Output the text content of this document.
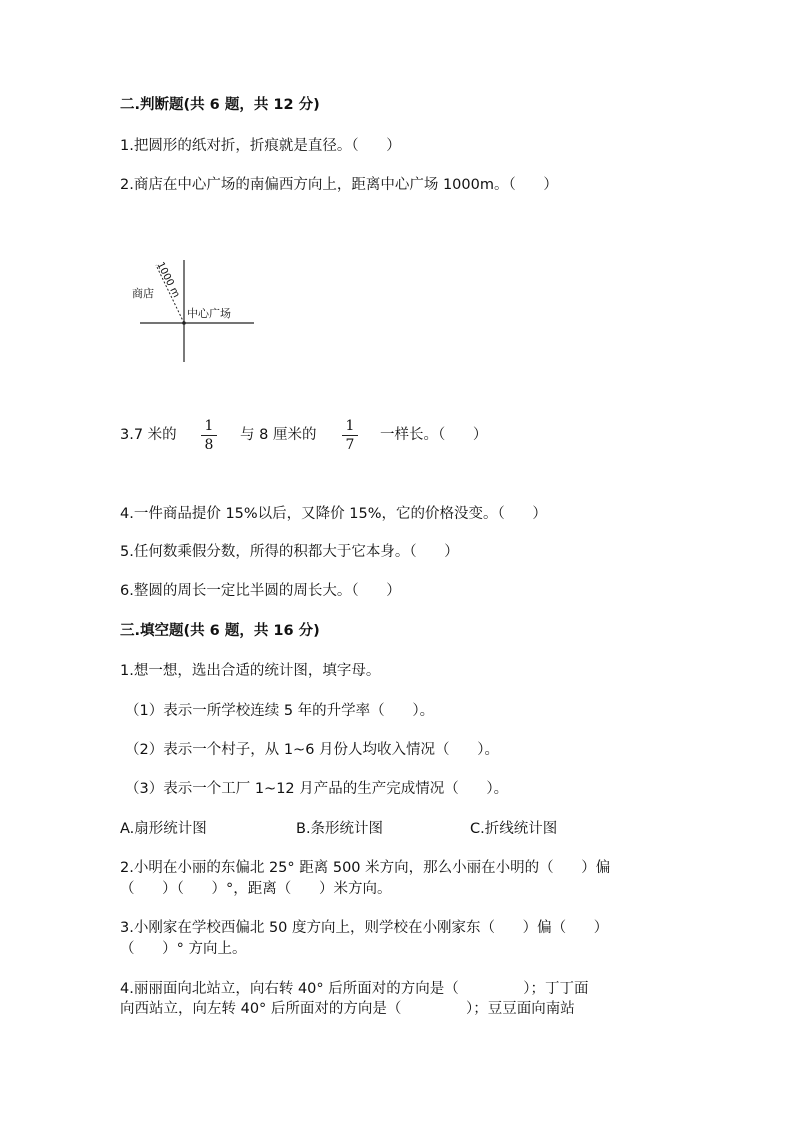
二.判断题(共 6 题，共 12 分)
1.把圆形的纸对折，折痕就是直径。（      ）
2.商店在中心广场的南偏西方向上，距离中心广场 1000m。（      ）
商店
中心广场
1000 m
3.7 米的
1
8
与 8 厘米的
1
7
一样长。（      ）
4.一件商品提价 15%以后，又降价 15%，它的价格没变。（      ）
5.任何数乘假分数，所得的积都大于它本身。（      ）
6.整圆的周长一定比半圆的周长大。（      ）
三.填空题(共 6 题，共 16 分)
1.想一想，选出合适的统计图，填字母。
（1）表示一所学校连续 5 年的升学率（      ）。
（2）表示一个村子，从 1~6 月份人均收入情况（      ）。
（3）表示一个工厂 1~12 月产品的生产完成情况（      ）。
A.扇形统计图	B.条形统计图	C.折线统计图
2.小明在小丽的东偏北 25° 距离 500 米方向，那么小丽在小明的（      ）偏
（      ）（      ）°，距离（      ）米方向。
3.小刚家在学校西偏北 50 度方向上，则学校在小刚家东（      ）偏（      ）
（      ）° 方向上。
4.丽丽面向北站立，向右转 40° 后所面对的方向是（              ）；丁丁面
向西站立，向左转 40° 后所面对的方向是（              ）；豆豆面向南站
